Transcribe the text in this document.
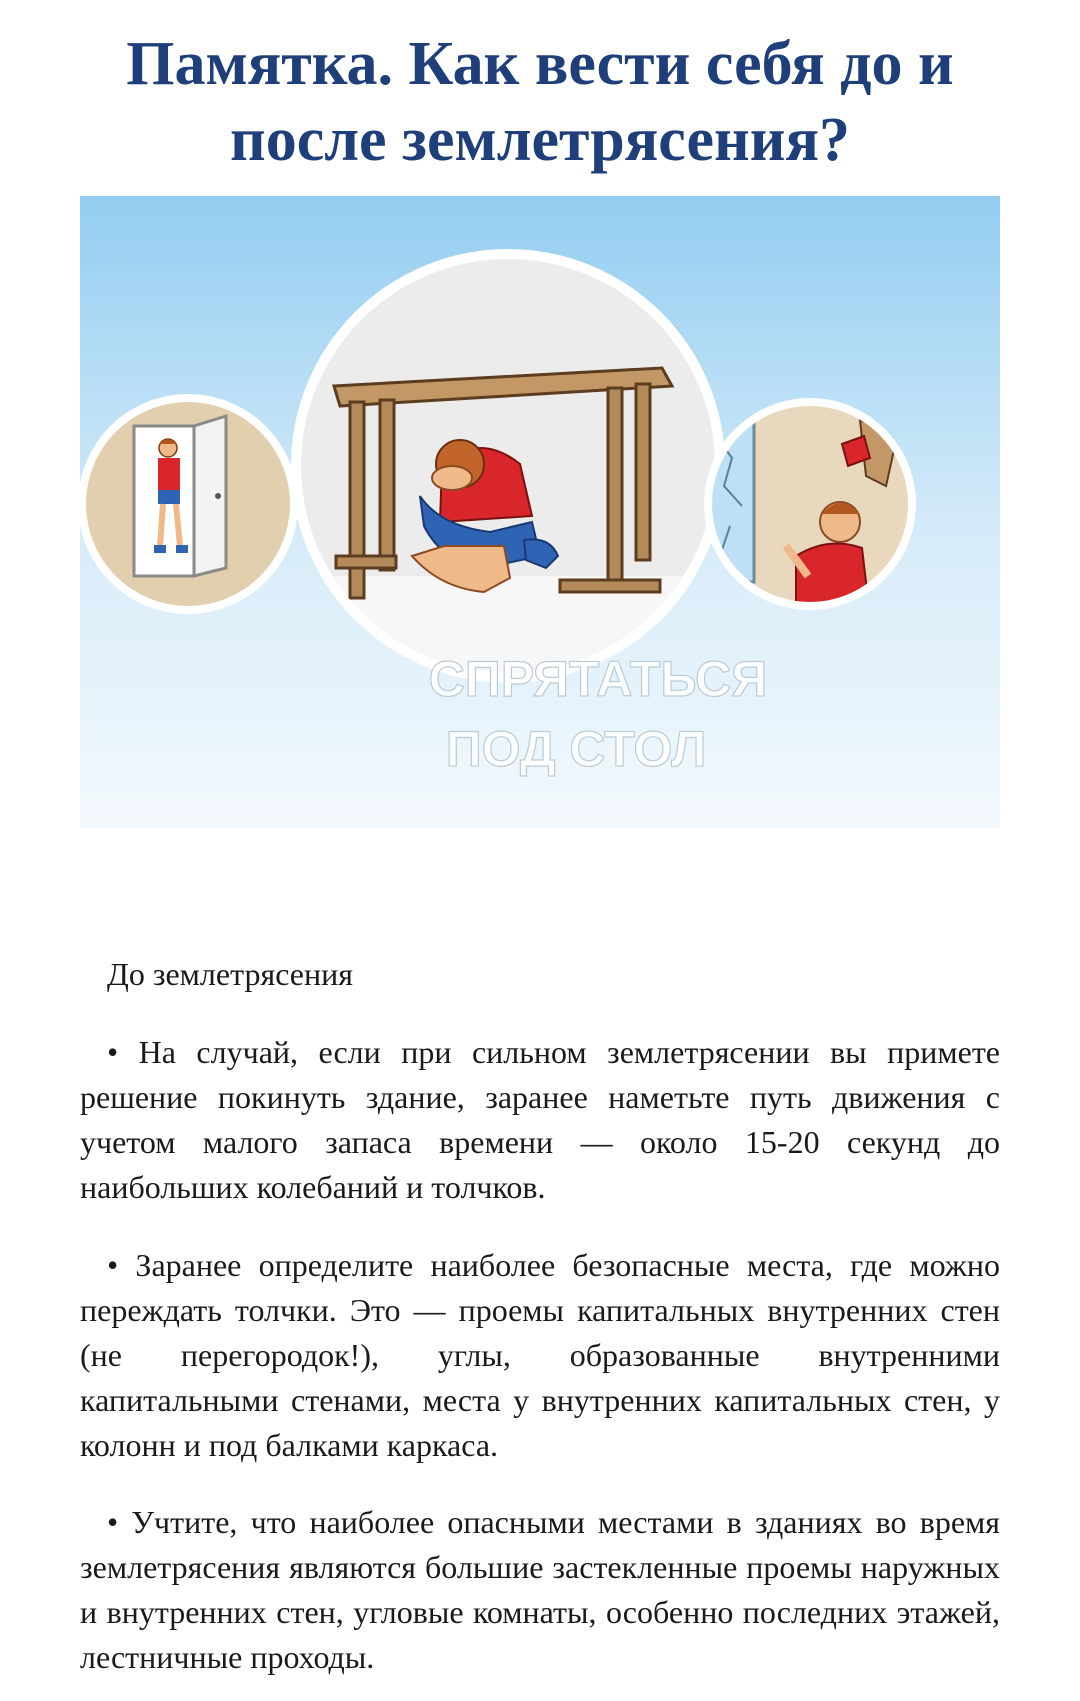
Памятка. Как вести себя до и после землетрясения?
СПРЯТАТЬСЯ
ПОД СТОЛ
До землетрясения

• На случай, если при сильном землетрясении вы примете решение покинуть здание, заранее наметьте путь движения с учетом малого запаса времени — около 15-20 секунд до наибольших колебаний и толчков.

• Заранее определите наиболее безопасные места, где можно переждать толчки. Это — проемы капитальных внутренних стен (не перегородок!), углы, образованные внутренними капитальными стенами, места у внутренних капитальных стен, у колонн и под балками каркаса.

• Учтите, что наиболее опасными местами в зданиях во время землетрясения являются большие застекленные проемы наружных и внутренних стен, угловые комнаты, особенно последних этажей, лестничные проходы.
